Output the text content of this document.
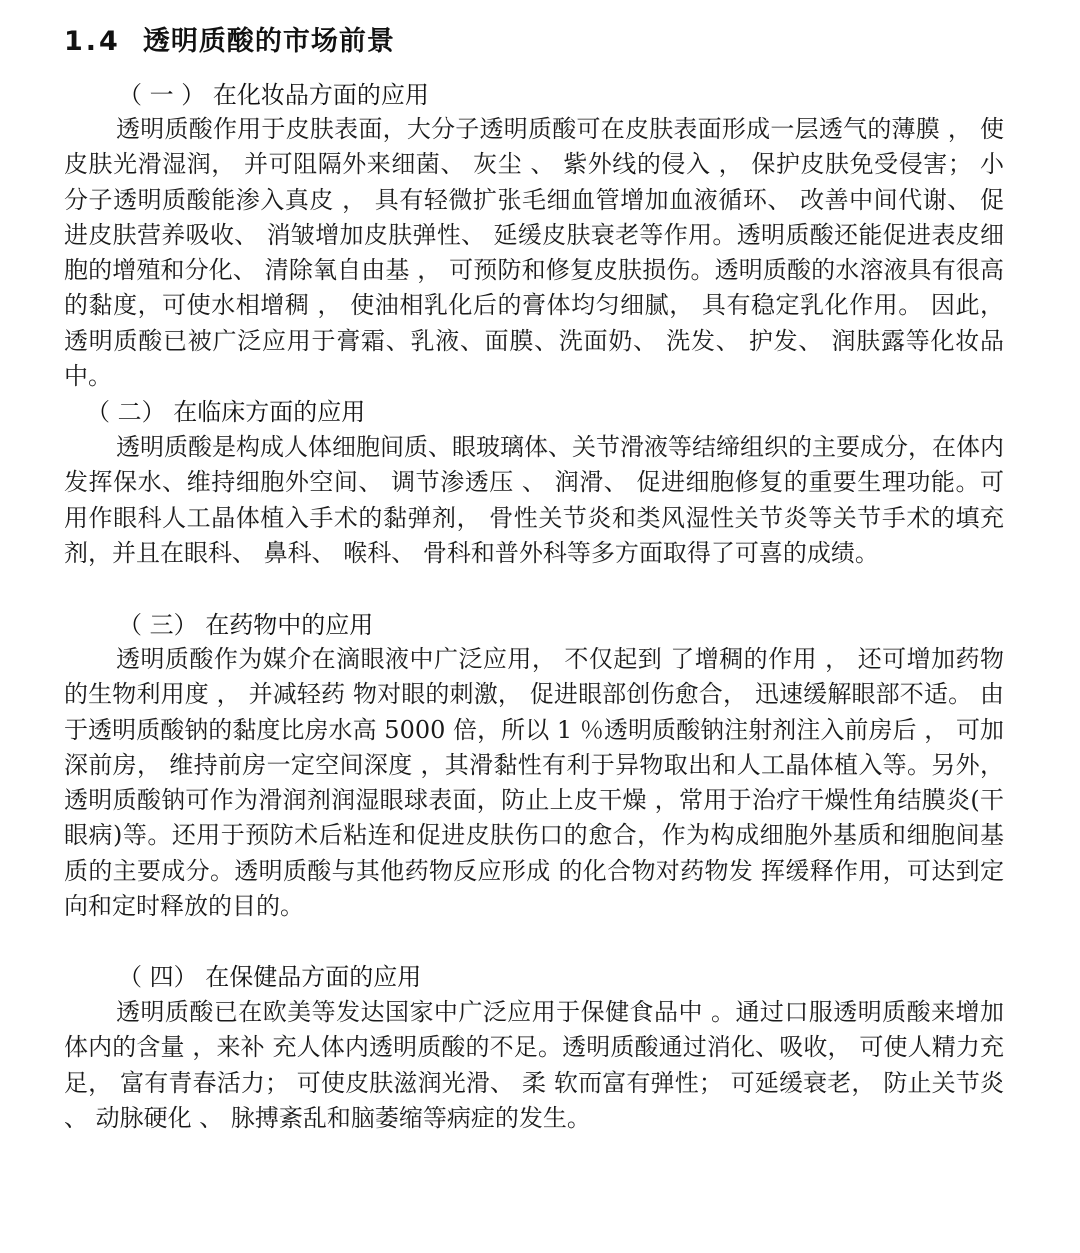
1.4 透明质酸的市场前景
（ 一 ） 在化妆品方面的应用

透明质酸作用于皮肤表面，大分子透明质酸可在皮肤表面形成一层透气的薄膜 ， 使皮肤光滑湿润， 并可阻隔外来细菌、 灰尘 、 紫外线的侵入 ， 保护皮肤免受侵害； 小分子透明质酸能渗入真皮 ， 具有轻微扩张毛细血管增加血液循环、 改善中间代谢、 促进皮肤营养吸收、 消皱增加皮肤弹性、 延缓皮肤衰老等作用。透明质酸还能促进表皮细胞的增殖和分化、 清除氧自由基 ， 可预防和修复皮肤损伤。透明质酸的水溶液具有很高的黏度，可使水相增稠 ， 使油相乳化后的膏体均匀细腻， 具有稳定乳化作用。 因此， 透明质酸已被广泛应用于膏霜、乳液、面膜、洗面奶、 洗发、 护发、 润肤露等化妆品中。

（ 二） 在临床方面的应用

透明质酸是构成人体细胞间质、眼玻璃体、关节滑液等结缔组织的主要成分，在体内发挥保水、维持细胞外空间、 调节渗透压 、 润滑、 促进细胞修复的重要生理功能。可用作眼科人工晶体植入手术的黏弹剂， 骨性关节炎和类风湿性关节炎等关节手术的填充剂，并且在眼科、 鼻科、 喉科、 骨科和普外科等多方面取得了可喜的成绩。

（ 三） 在药物中的应用

透明质酸作为媒介在滴眼液中广泛应用， 不仅起到 了增稠的作用 ， 还可增加药物的生物利用度 ， 并减轻药 物对眼的刺激， 促进眼部创伤愈合， 迅速缓解眼部不适。 由于透明质酸钠的黏度比房水高 5000 倍，所以 1 ％透明质酸钠注射剂注入前房后 ， 可加深前房， 维持前房一定空间深度 ，其滑黏性有利于异物取出和人工晶体植入等。另外， 透明质酸钠可作为滑润剂润湿眼球表面，防止上皮干燥 ，常用于治疗干燥性角结膜炎(干眼病)等。还用于预防术后粘连和促进皮肤伤口的愈合，作为构成细胞外基质和细胞间基质的主要成分。透明质酸与其他药物反应形成 的化合物对药物发 挥缓释作用，可达到定向和定时释放的目的。

（ 四） 在保健品方面的应用

透明质酸已在欧美等发达国家中广泛应用于保健食品中 。通过口服透明质酸来增加体内的含量 ，来补 充人体内透明质酸的不足。透明质酸通过消化、吸收， 可使人精力充足， 富有青春活力； 可使皮肤滋润光滑、 柔 软而富有弹性； 可延缓衰老， 防止关节炎 、 动脉硬化 、 脉搏紊乱和脑萎缩等病症的发生。
